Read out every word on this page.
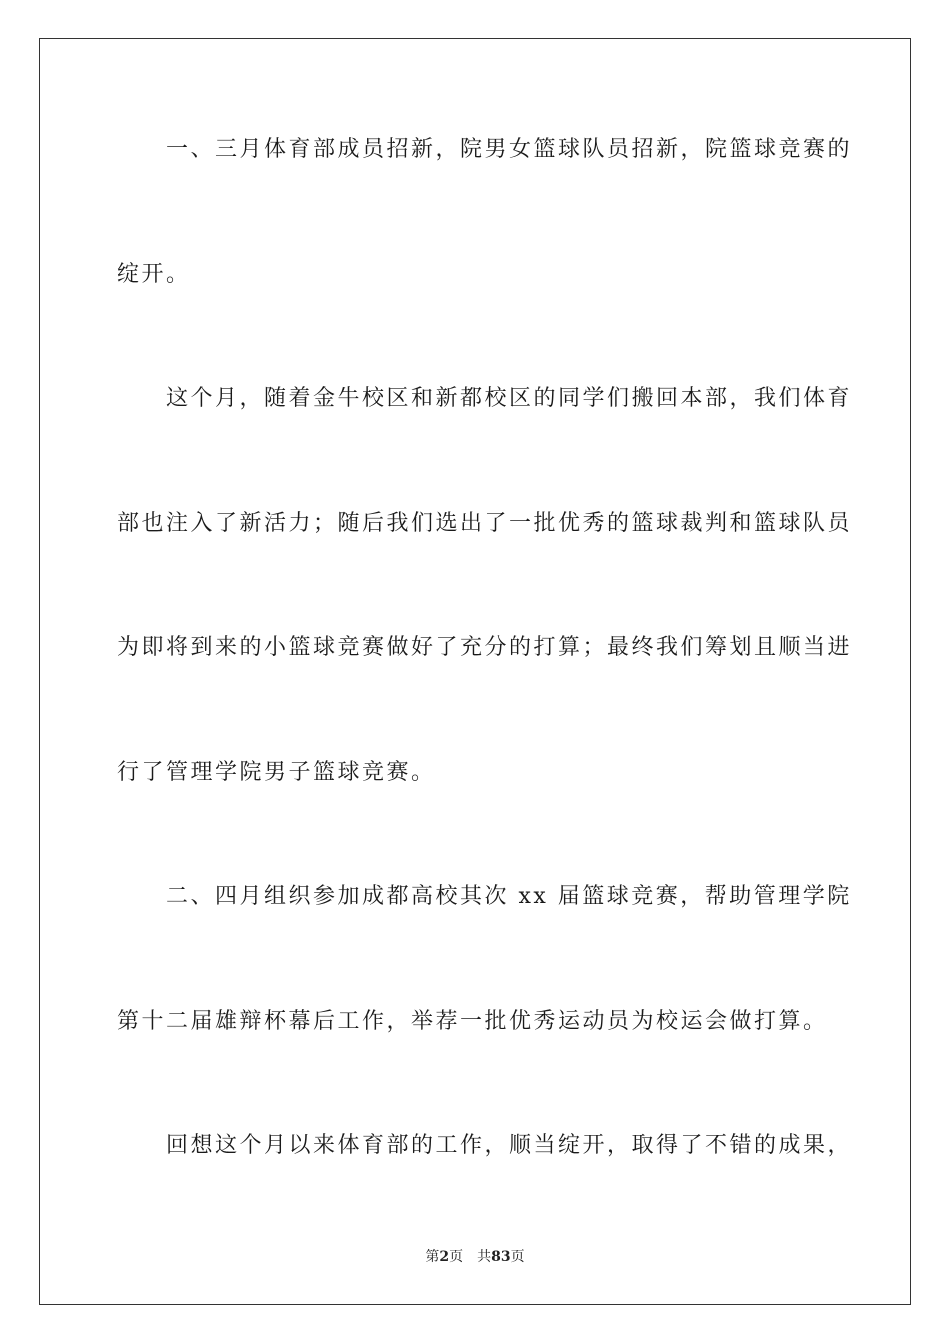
一、三月体育部成员招新，院男女篮球队员招新，院篮球竞赛的
绽开。
这个月，随着金牛校区和新都校区的同学们搬回本部，我们体育
部也注入了新活力；随后我们选出了一批优秀的篮球裁判和篮球队员
为即将到来的小篮球竞赛做好了充分的打算；最终我们筹划且顺当进
行了管理学院男子篮球竞赛。
二、四月组织参加成都高校其次 xx 届篮球竞赛，帮助管理学院
第十二届雄辩杯幕后工作，举荐一批优秀运动员为校运会做打算。
回想这个月以来体育部的工作，顺当绽开，取得了不错的成果，
第2页 共83页
